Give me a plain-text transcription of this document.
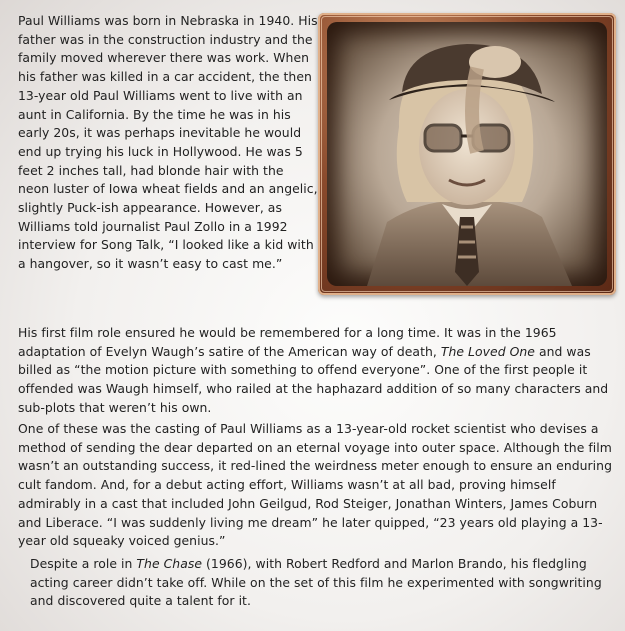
Paul Williams was born in Nebraska in 1940. His father was in the construction industry and the family moved wherever there was work. When his father was killed in a car accident, the then 13-year old Paul Williams went to live with an aunt in California. By the time he was in his early 20s, it was perhaps inevitable he would end up trying his luck in Hollywood. He was 5 feet 2 inches tall, had blonde hair with the neon luster of Iowa wheat fields and an angelic, slightly Puck-ish appearance. However, as Williams told journalist Paul Zollo in a 1992 interview for Song Talk, “I looked like a kid with a hangover, so it wasn’t easy to cast me.”

His first film role ensured he would be remembered for a long time. It was in the 1965 adaptation of Evelyn Waugh’s satire of the American way of death, The Loved One and was billed as “the motion picture with something to offend everyone”. One of the first people it offended was Waugh himself, who railed at the haphazard addition of so many characters and sub-plots that weren’t his own.

One of these was the casting of Paul Williams as a 13-year-old rocket scientist who devises a method of sending the dear departed on an eternal voyage into outer space. Although the film wasn’t an outstanding success, it red-lined the weirdness meter enough to ensure an enduring cult fandom. And, for a debut acting effort, Williams wasn’t at all bad, proving himself admirably in a cast that included John Geilgud, Rod Steiger, Jonathan Winters, James Coburn and Liberace. “I was suddenly living me dream” he later quipped, “23 years old playing a 13-year old squeaky voiced genius.”

Despite a role in The Chase (1966), with Robert Redford and Marlon Brando, his fledgling acting career didn’t take off. While on the set of this film he experimented with songwriting and discovered quite a talent for it.
